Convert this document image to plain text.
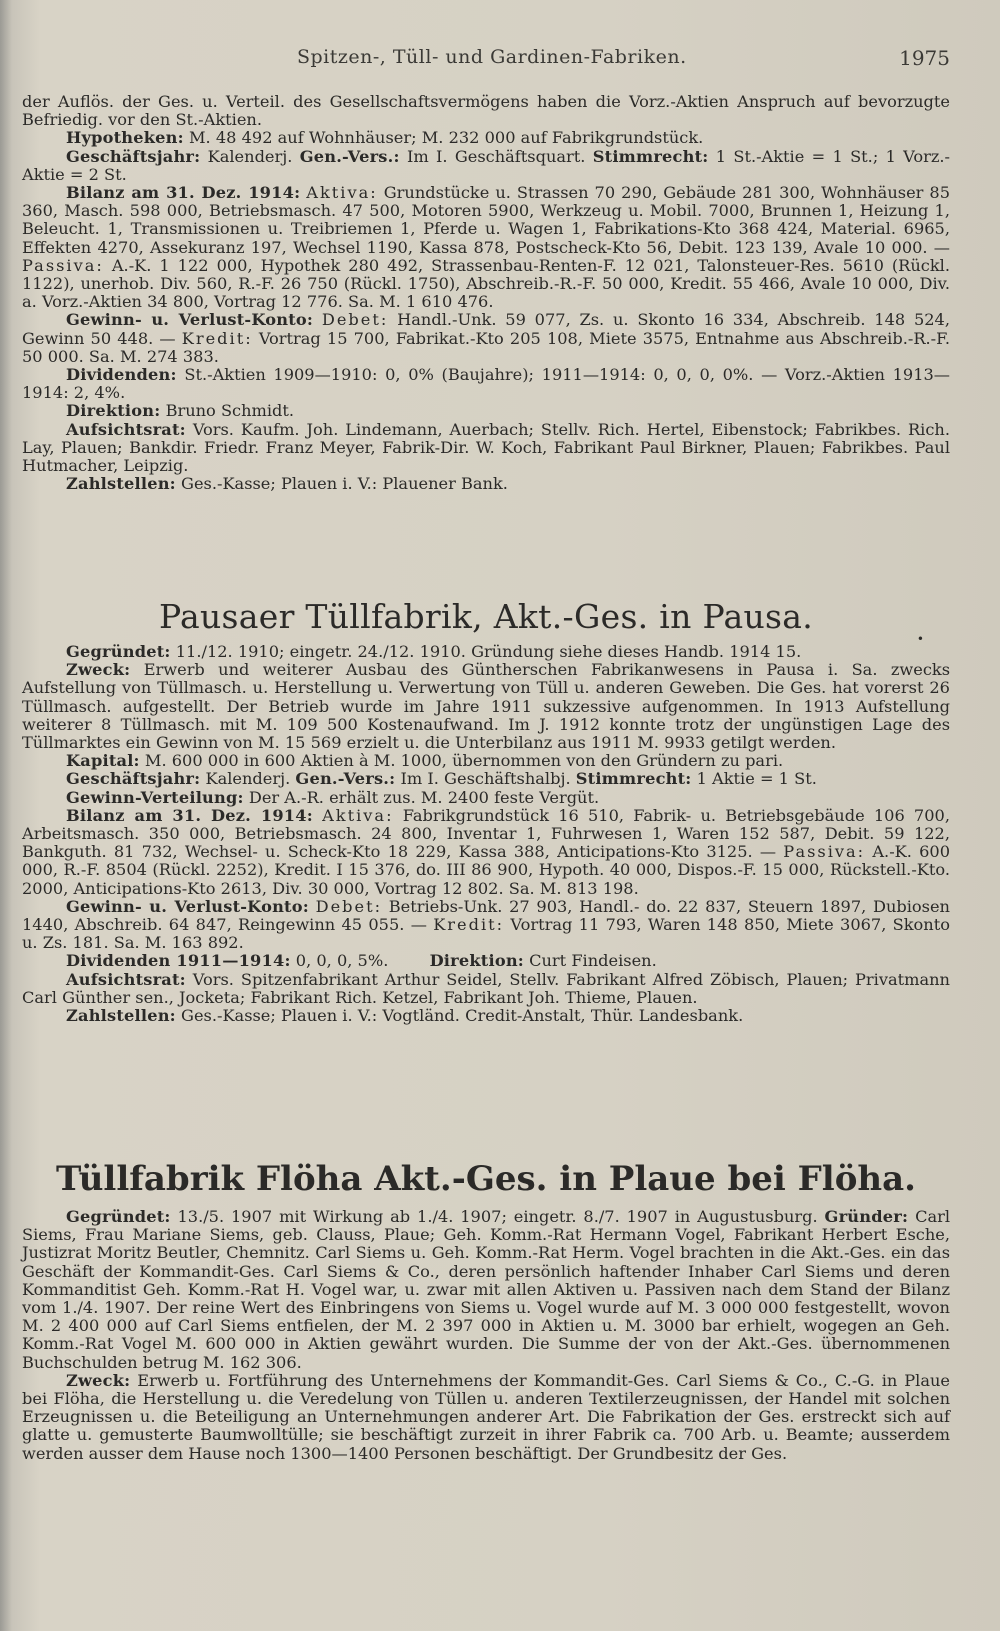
Spitzen-, Tüll- und Gardinen-Fabriken.	1975
der Auflös. der Ges. u. Verteil. des Gesellschaftsvermögens haben die Vorz.-Aktien Anspruch auf bevorzugte Befriedig. vor den St.-Aktien.
Hypotheken: M. 48 492 auf Wohnhäuser; M. 232 000 auf Fabrikgrundstück.
Geschäftsjahr: Kalenderj. Gen.-Vers.: Im I. Geschäftsquart. Stimmrecht: 1 St.-Aktie = 1 St.; 1 Vorz.-Aktie = 2 St.
Bilanz am 31. Dez. 1914: Aktiva: Grundstücke u. Strassen 70 290, Gebäude 281 300, Wohnhäuser 85 360, Masch. 598 000, Betriebsmasch. 47 500, Motoren 5900, Werkzeug u. Mobil. 7000, Brunnen 1, Heizung 1, Beleucht. 1, Transmissionen u. Treibriemen 1, Pferde u. Wagen 1, Fabrikations-Kto 368 424, Material. 6965, Effekten 4270, Assekuranz 197, Wechsel 1190, Kassa 878, Postscheck-Kto 56, Debit. 123 139, Avale 10 000. — Passiva: A.-K. 1 122 000, Hypothek 280 492, Strassenbau-Renten-F. 12 021, Talonsteuer-Res. 5610 (Rückl. 1122), unerhob. Div. 560, R.-F. 26 750 (Rückl. 1750), Abschreib.-R.-F. 50 000, Kredit. 55 466, Avale 10 000, Div. a. Vorz.-Aktien 34 800, Vortrag 12 776. Sa. M. 1 610 476.
Gewinn- u. Verlust-Konto: Debet: Handl.-Unk. 59 077, Zs. u. Skonto 16 334, Abschreib. 148 524, Gewinn 50 448. — Kredit: Vortrag 15 700, Fabrikat.-Kto 205 108, Miete 3575, Entnahme aus Abschreib.-R.-F. 50 000. Sa. M. 274 383.
Dividenden: St.-Aktien 1909—1910: 0, 0% (Baujahre); 1911—1914: 0, 0, 0, 0%. — Vorz.-Aktien 1913—1914: 2, 4%.
Direktion: Bruno Schmidt.
Aufsichtsrat: Vors. Kaufm. Joh. Lindemann, Auerbach; Stellv. Rich. Hertel, Eibenstock; Fabrikbes. Rich. Lay, Plauen; Bankdir. Friedr. Franz Meyer, Fabrik-Dir. W. Koch, Fabrikant Paul Birkner, Plauen; Fabrikbes. Paul Hutmacher, Leipzig.
Zahlstellen: Ges.-Kasse; Plauen i. V.: Plauener Bank.
Pausaer Tüllfabrik, Akt.-Ges. in Pausa.
•
Gegründet: 11./12. 1910; eingetr. 24./12. 1910. Gründung siehe dieses Handb. 1914 15.
Zweck: Erwerb und weiterer Ausbau des Güntherschen Fabrikanwesens in Pausa i. Sa. zwecks Aufstellung von Tüllmasch. u. Herstellung u. Verwertung von Tüll u. anderen Geweben. Die Ges. hat vorerst 26 Tüllmasch. aufgestellt. Der Betrieb wurde im Jahre 1911 sukzessive aufgenommen. In 1913 Aufstellung weiterer 8 Tüllmasch. mit M. 109 500 Kostenaufwand. Im J. 1912 konnte trotz der ungünstigen Lage des Tüllmarktes ein Gewinn von M. 15 569 erzielt u. die Unterbilanz aus 1911 M. 9933 getilgt werden.
Kapital: M. 600 000 in 600 Aktien à M. 1000, übernommen von den Gründern zu pari.
Geschäftsjahr: Kalenderj. Gen.-Vers.: Im I. Geschäftshalbj. Stimmrecht: 1 Aktie = 1 St.
Gewinn-Verteilung: Der A.-R. erhält zus. M. 2400 feste Vergüt.
Bilanz am 31. Dez. 1914: Aktiva: Fabrikgrundstück 16 510, Fabrik- u. Betriebsgebäude 106 700, Arbeitsmasch. 350 000, Betriebsmasch. 24 800, Inventar 1, Fuhrwesen 1, Waren 152 587, Debit. 59 122, Bankguth. 81 732, Wechsel- u. Scheck-Kto 18 229, Kassa 388, Anticipations-Kto 3125. — Passiva: A.-K. 600 000, R.-F. 8504 (Rückl. 2252), Kredit. I 15 376, do. III 86 900, Hypoth. 40 000, Dispos.-F. 15 000, Rückstell.-Kto. 2000, Anticipations-Kto 2613, Div. 30 000, Vortrag 12 802. Sa. M. 813 198.
Gewinn- u. Verlust-Konto: Debet: Betriebs-Unk. 27 903, Handl.- do. 22 837, Steuern 1897, Dubiosen 1440, Abschreib. 64 847, Reingewinn 45 055. — Kredit: Vortrag 11 793, Waren 148 850, Miete 3067, Skonto u. Zs. 181. Sa. M. 163 892.
Dividenden 1911—1914: 0, 0, 0, 5%.	Direktion: Curt Findeisen.
Aufsichtsrat: Vors. Spitzenfabrikant Arthur Seidel, Stellv. Fabrikant Alfred Zöbisch, Plauen; Privatmann Carl Günther sen., Jocketa; Fabrikant Rich. Ketzel, Fabrikant Joh. Thieme, Plauen.
Zahlstellen: Ges.-Kasse; Plauen i. V.: Vogtländ. Credit-Anstalt, Thür. Landesbank.
Tüllfabrik Flöha Akt.-Ges. in Plaue bei Flöha.
Gegründet: 13./5. 1907 mit Wirkung ab 1./4. 1907; eingetr. 8./7. 1907 in Augustusburg. Gründer: Carl Siems, Frau Mariane Siems, geb. Clauss, Plaue; Geh. Komm.-Rat Hermann Vogel, Fabrikant Herbert Esche, Justizrat Moritz Beutler, Chemnitz. Carl Siems u. Geh. Komm.-Rat Herm. Vogel brachten in die Akt.-Ges. ein das Geschäft der Kommandit-Ges. Carl Siems & Co., deren persönlich haftender Inhaber Carl Siems und deren Kommanditist Geh. Komm.-Rat H. Vogel war, u. zwar mit allen Aktiven u. Passiven nach dem Stand der Bilanz vom 1./4. 1907. Der reine Wert des Einbringens von Siems u. Vogel wurde auf M. 3 000 000 festgestellt, wovon M. 2 400 000 auf Carl Siems entfielen, der M. 2 397 000 in Aktien u. M. 3000 bar erhielt, wogegen an Geh. Komm.-Rat Vogel M. 600 000 in Aktien gewährt wurden. Die Summe der von der Akt.-Ges. übernommenen Buchschulden betrug M. 162 306.
Zweck: Erwerb u. Fortführung des Unternehmens der Kommandit-Ges. Carl Siems & Co., C.-G. in Plaue bei Flöha, die Herstellung u. die Veredelung von Tüllen u. anderen Textilerzeugnissen, der Handel mit solchen Erzeugnissen u. die Beteiligung an Unternehmungen anderer Art. Die Fabrikation der Ges. erstreckt sich auf glatte u. gemusterte Baumwolltülle; sie beschäftigt zurzeit in ihrer Fabrik ca. 700 Arb. u. Beamte; ausserdem werden ausser dem Hause noch 1300—1400 Personen beschäftigt. Der Grundbesitz der Ges.
